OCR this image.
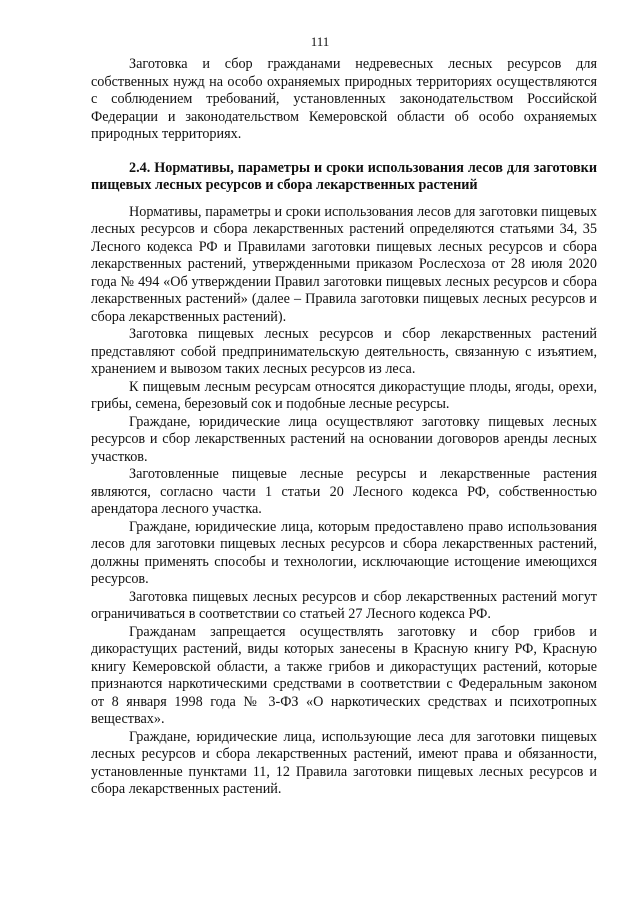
111

Заготовка и сбор гражданами недревесных лесных ресурсов для собственных нужд на особо охраняемых природных территориях осуществляются с соблюдением требований, установленных законодательством Российской Федерации и законодательством Кемеровской области об особо охраняемых природных территориях.

2.4. Нормативы, параметры и сроки использования лесов для заготовки пищевых лесных ресурсов и сбора лекарственных растений

Нормативы, параметры и сроки использования лесов для заготовки пищевых лесных ресурсов и сбора лекарственных растений определяются статьями 34, 35 Лесного кодекса РФ и Правилами заготовки пищевых лесных ресурсов и сбора лекарственных растений, утвержденными приказом Рослесхоза от 28 июля 2020 года № 494 «Об утверждении Правил заготовки пищевых лесных ресурсов и сбора лекарственных растений» (далее – Правила заготовки пищевых лесных ресурсов и сбора лекарственных растений).

Заготовка пищевых лесных ресурсов и сбор лекарственных растений представляют собой предпринимательскую деятельность, связанную с изъятием, хранением и вывозом таких лесных ресурсов из леса.

К пищевым лесным ресурсам относятся дикорастущие плоды, ягоды, орехи, грибы, семена, березовый сок и подобные лесные ресурсы.

Граждане, юридические лица осуществляют заготовку пищевых лесных ресурсов и сбор лекарственных растений на основании договоров аренды лесных участков.

Заготовленные пищевые лесные ресурсы и лекарственные растения являются, согласно части 1 статьи 20 Лесного кодекса РФ, собственностью арендатора лесного участка.

Граждане, юридические лица, которым предоставлено право использования лесов для заготовки пищевых лесных ресурсов и сбора лекарственных растений, должны применять способы и технологии, исключающие истощение имеющихся ресурсов.

Заготовка пищевых лесных ресурсов и сбор лекарственных растений могут ограничиваться в соответствии со статьей 27 Лесного кодекса РФ.

Гражданам запрещается осуществлять заготовку и сбор грибов и дикорастущих растений, виды которых занесены в Красную книгу РФ, Красную книгу Кемеровской области, а также грибов и дикорастущих растений, которые признаются наркотическими средствами в соответствии с Федеральным законом от 8 января 1998 года № 3-ФЗ «О наркотических средствах и психотропных веществах».

Граждане, юридические лица, использующие леса для заготовки пищевых лесных ресурсов и сбора лекарственных растений, имеют права и обязанности, установленные пунктами 11, 12 Правила заготовки пищевых лесных ресурсов и сбора лекарственных растений.
